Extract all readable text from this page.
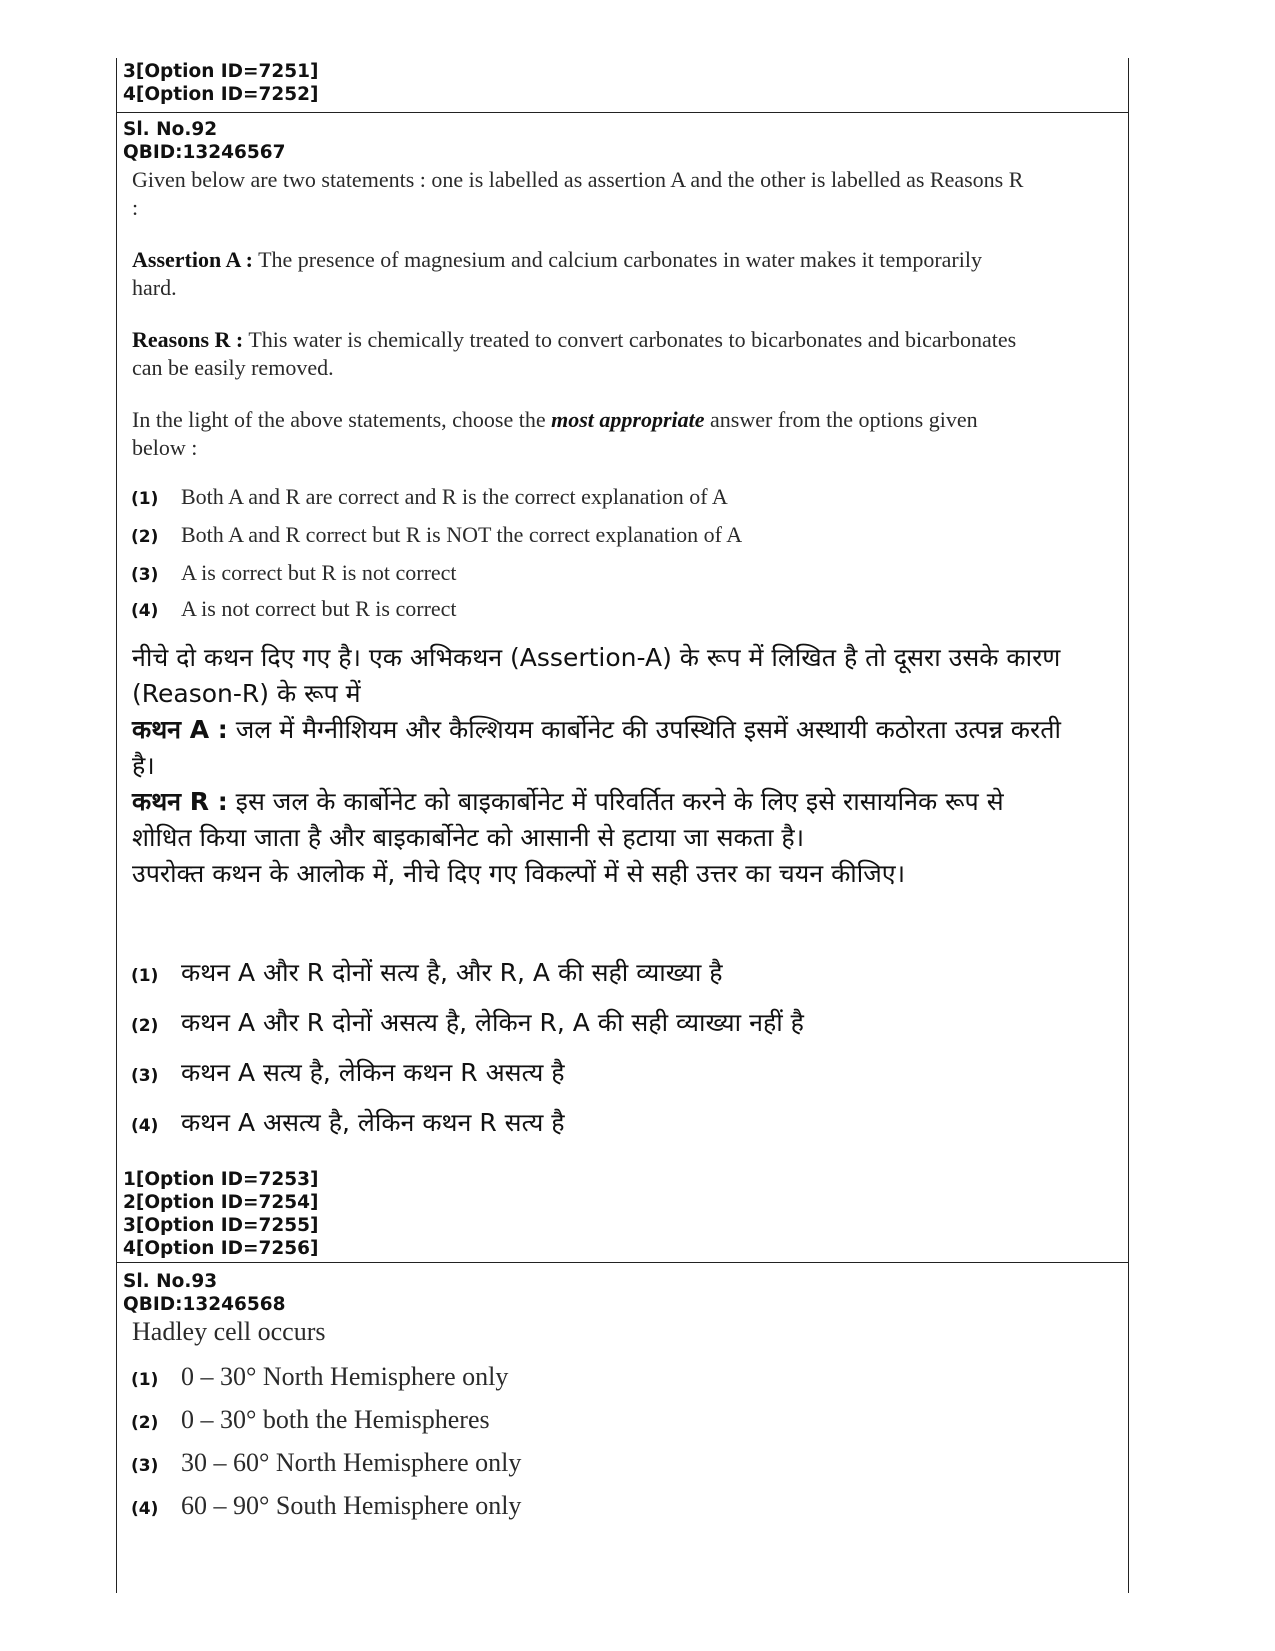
3[Option ID=7251]
4[Option ID=7252]
Sl. No.92
QBID:13246567

Given below are two statements : one is labelled as assertion A and the other is labelled as Reasons R :

Assertion A : The presence of magnesium and calcium carbonates in water makes it temporarily hard.

Reasons R : This water is chemically treated to convert carbonates to bicarbonates and bicarbonates can be easily removed.

In the light of the above statements, choose the most appropriate answer from the options given below :

(1)	Both A and R are correct and R is the correct explanation of A
(2)	Both A and R correct but R is NOT the correct explanation of A
(3)	A is correct but R is not correct
(4)	A is not correct but R is correct

नीचे दो कथन दिए गए है। एक अभिकथन (Assertion-A) के रूप में लिखित है तो दूसरा उसके कारण (Reason-R) के रूप में

कथन A : जल में मैग्नीशियम और कैल्शियम कार्बोनेट की उपस्थिति इसमें अस्थायी कठोरता उत्पन्न करती है।

कथन R : इस जल के कार्बोनेट को बाइकार्बोनेट में परिवर्तित करने के लिए इसे रासायनिक रूप से शोधित किया जाता है और बाइकार्बोनेट को आसानी से हटाया जा सकता है।

उपरोक्त कथन के आलोक में, नीचे दिए गए विकल्पों में से सही उत्तर का चयन कीजिए।

(1) कथन A और R दोनों सत्य है, और R, A की सही व्याख्या है
(2) कथन A और R दोनों असत्य है, लेकिन R, A की सही व्याख्या नहीं है
(3) कथन A सत्य है, लेकिन कथन R असत्य है
(4) कथन A असत्य है, लेकिन कथन R सत्य है
1[Option ID=7253]
2[Option ID=7254]
3[Option ID=7255]
4[Option ID=7256]
Sl. No.93
QBID:13246568
Hadley cell occurs
(1) 0 – 30° North Hemisphere only
(2) 0 – 30° both the Hemispheres
(3) 30 – 60° North Hemisphere only
(4) 60 – 90° South Hemisphere only
